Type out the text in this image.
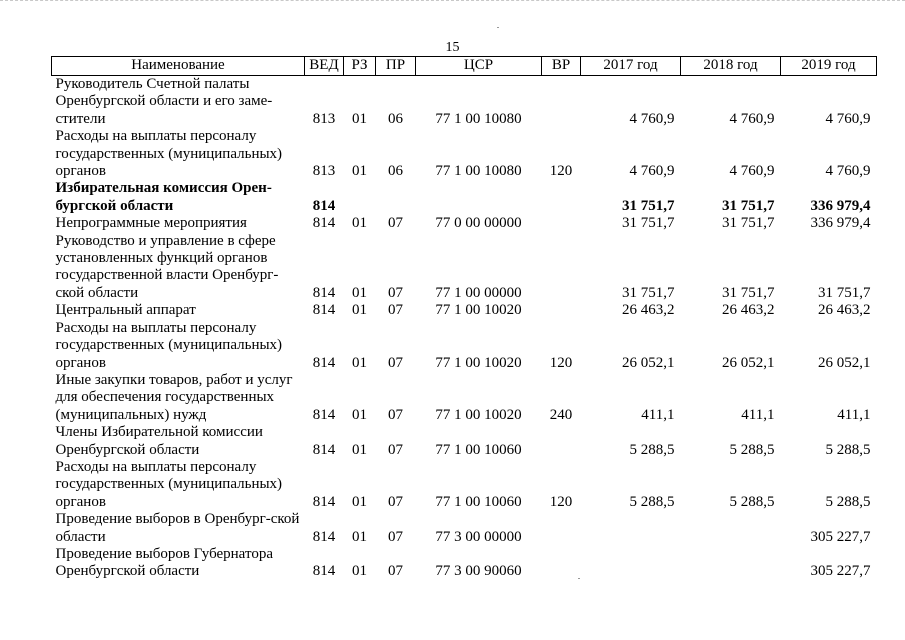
15
Наименование	ВЕД	РЗ	ПР	ЦСР	ВР	2017 год	2018 год	2019 год
Руководитель Счетной палаты Оренбургской области и его заме-стители	813	01	06	77 1 00 10080		4 760,9	4 760,9	4 760,9
Расходы на выплаты персоналу государственных (муниципальных) органов	813	01	06	77 1 00 10080	120	4 760,9	4 760,9	4 760,9
Избирательная комиссия Орен-бургской области	814					31 751,7	31 751,7	336 979,4
Непрограммные мероприятия	814	01	07	77 0 00 00000		31 751,7	31 751,7	336 979,4
Руководство и управление в сфере установленных функций органов государственной власти Оренбург-ской области	814	01	07	77 1 00 00000		31 751,7	31 751,7	31 751,7
Центральный аппарат	814	01	07	77 1 00 10020		26 463,2	26 463,2	26 463,2
Расходы на выплаты персоналу государственных (муниципальных) органов	814	01	07	77 1 00 10020	120	26 052,1	26 052,1	26 052,1
Иные закупки товаров, работ и услуг для обеспечения государственных (муниципальных) нужд	814	01	07	77 1 00 10020	240	411,1	411,1	411,1
Члены Избирательной комиссии Оренбургской области	814	01	07	77 1 00 10060		5 288,5	5 288,5	5 288,5
Расходы на выплаты персоналу государственных (муниципальных) органов	814	01	07	77 1 00 10060	120	5 288,5	5 288,5	5 288,5
Проведение выборов в Оренбург-ской области	814	01	07	77 3 00 00000				305 227,7
Проведение выборов Губернатора Оренбургской области	814	01	07	77 3 00 90060				305 227,7
